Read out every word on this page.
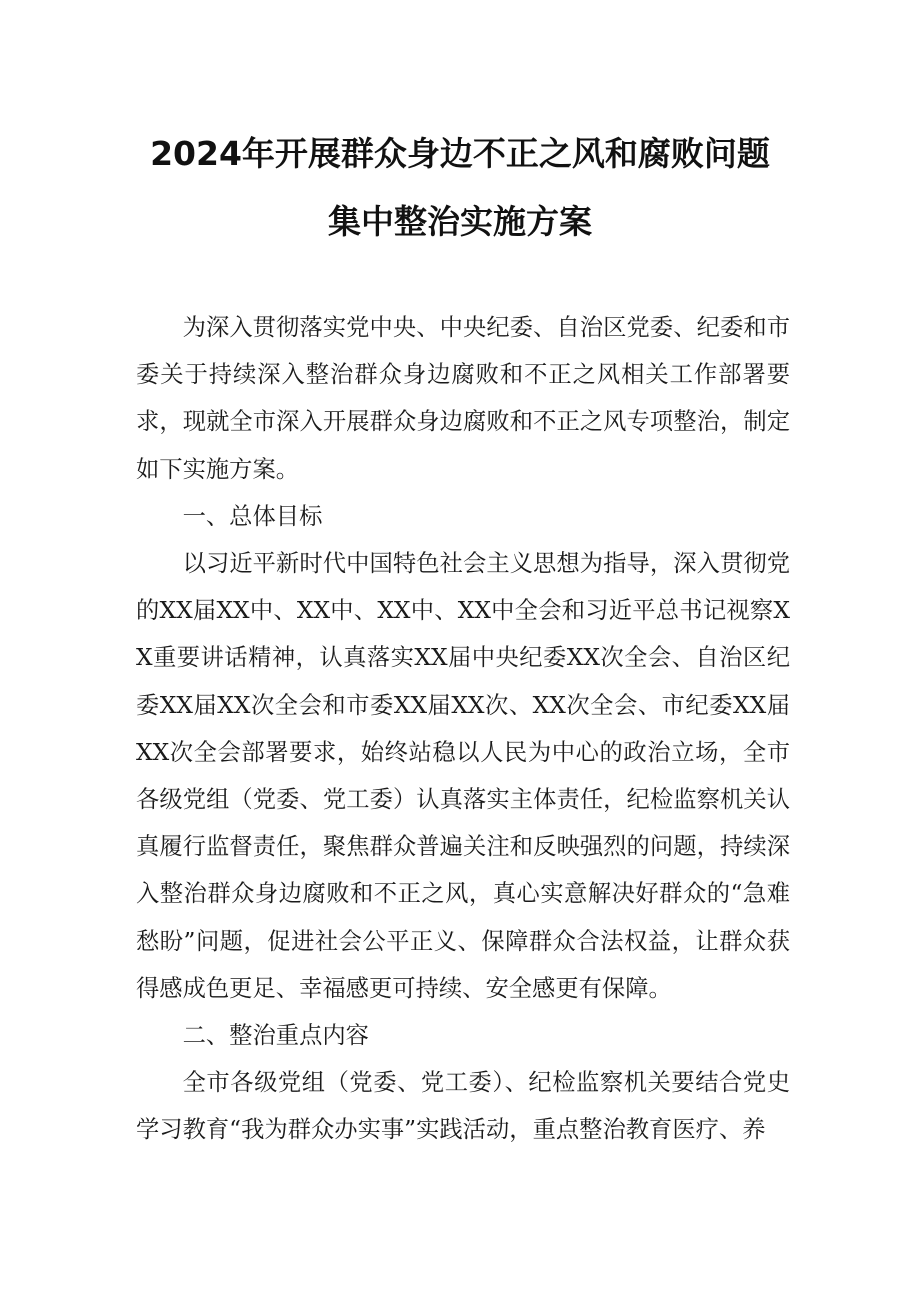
2024年开展群众身边不正之风和腐败问题
集中整治实施方案

为深入贯彻落实党中央、中央纪委、自治区党委、纪委和市委关于持续深入整治群众身边腐败和不正之风相关工作部署要求，现就全市深入开展群众身边腐败和不正之风专项整治，制定如下实施方案。

一、总体目标

以习近平新时代中国特色社会主义思想为指导，深入贯彻党的XX届XX中、XX中、XX中、XX中全会和习近平总书记视察XX重要讲话精神，认真落实XX届中央纪委XX次全会、自治区纪委XX届XX次全会和市委XX届XX次、XX次全会、市纪委XX届XX次全会部署要求，始终站稳以人民为中心的政治立场，全市各级党组（党委、党工委）认真落实主体责任，纪检监察机关认真履行监督责任，聚焦群众普遍关注和反映强烈的问题，持续深入整治群众身边腐败和不正之风，真心实意解决好群众的“急难愁盼”问题，促进社会公平正义、保障群众合法权益，让群众获得感成色更足、幸福感更可持续、安全感更有保障。

二、整治重点内容

全市各级党组（党委、党工委）、纪检监察机关要结合党史学习教育“我为群众办实事”实践活动，重点整治教育医疗、养
